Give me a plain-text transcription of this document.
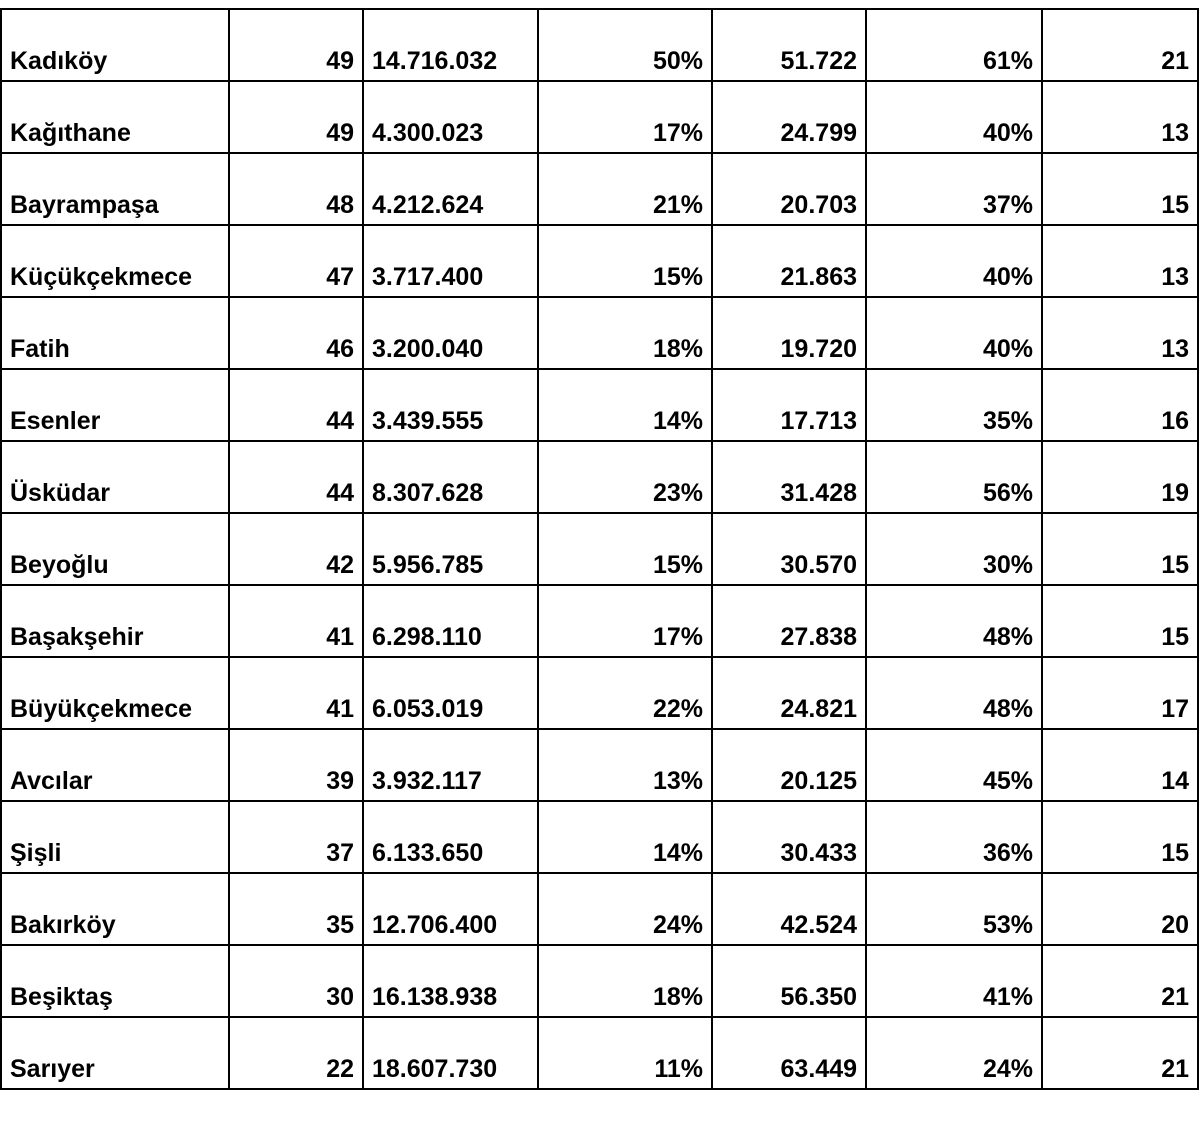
Kadıköy	49	14.716.032	50%	51.722	61%	21
Kağıthane	49	4.300.023	17%	24.799	40%	13
Bayrampaşa	48	4.212.624	21%	20.703	37%	15
Küçükçekmece	47	3.717.400	15%	21.863	40%	13
Fatih	46	3.200.040	18%	19.720	40%	13
Esenler	44	3.439.555	14%	17.713	35%	16
Üsküdar	44	8.307.628	23%	31.428	56%	19
Beyoğlu	42	5.956.785	15%	30.570	30%	15
Başakşehir	41	6.298.110	17%	27.838	48%	15
Büyükçekmece	41	6.053.019	22%	24.821	48%	17
Avcılar	39	3.932.117	13%	20.125	45%	14
Şişli	37	6.133.650	14%	30.433	36%	15
Bakırköy	35	12.706.400	24%	42.524	53%	20
Beşiktaş	30	16.138.938	18%	56.350	41%	21
Sarıyer	22	18.607.730	11%	63.449	24%	21
